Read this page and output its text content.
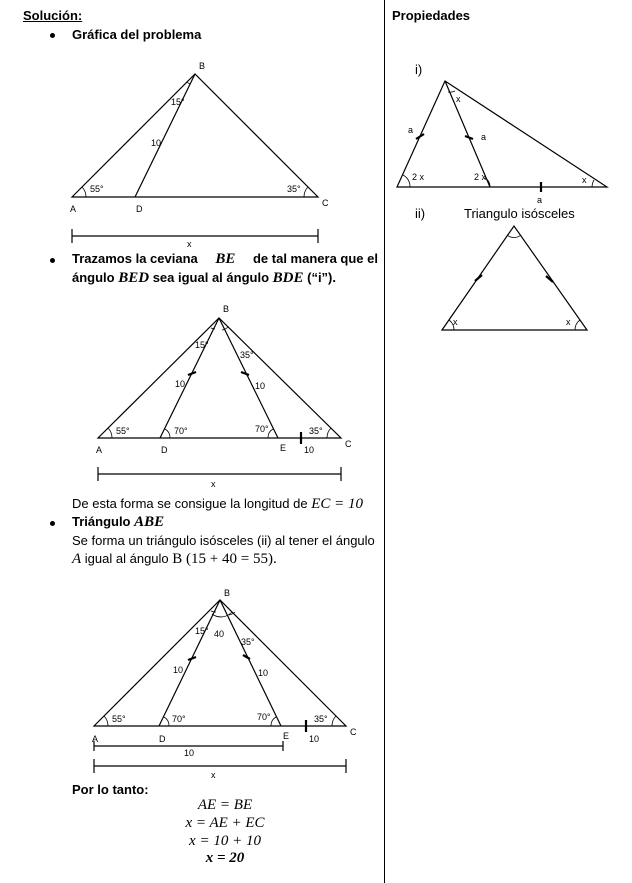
Solución:
Gráfica del problema
Trazamos la ceviana BE de tal manera que el
ángulo BED sea igual al ángulo BDE (“i”).
De esta forma se consigue la longitud de EC = 10
Triángulo ABE
Se forma un triángulo isósceles (ii) al tener el ángulo
A igual al ángulo B (15 + 40 = 55).
Por lo tanto:
AE = BE
x = AE + EC
x = 10 + 10
x = 20
Propiedades
i)
ii)	Triangulo isósceles
B
A	D
C
15°
55°	35°
10
x
B
A	D	E	C
15°
35°
55°	70°	70°	35°
10	10
10
x
B
A	D	E	C
15° 40
35°
55°	70°	70°	35°
10	10
10
10
x
x
a
a
2 x	2 x	x
a
x	x
